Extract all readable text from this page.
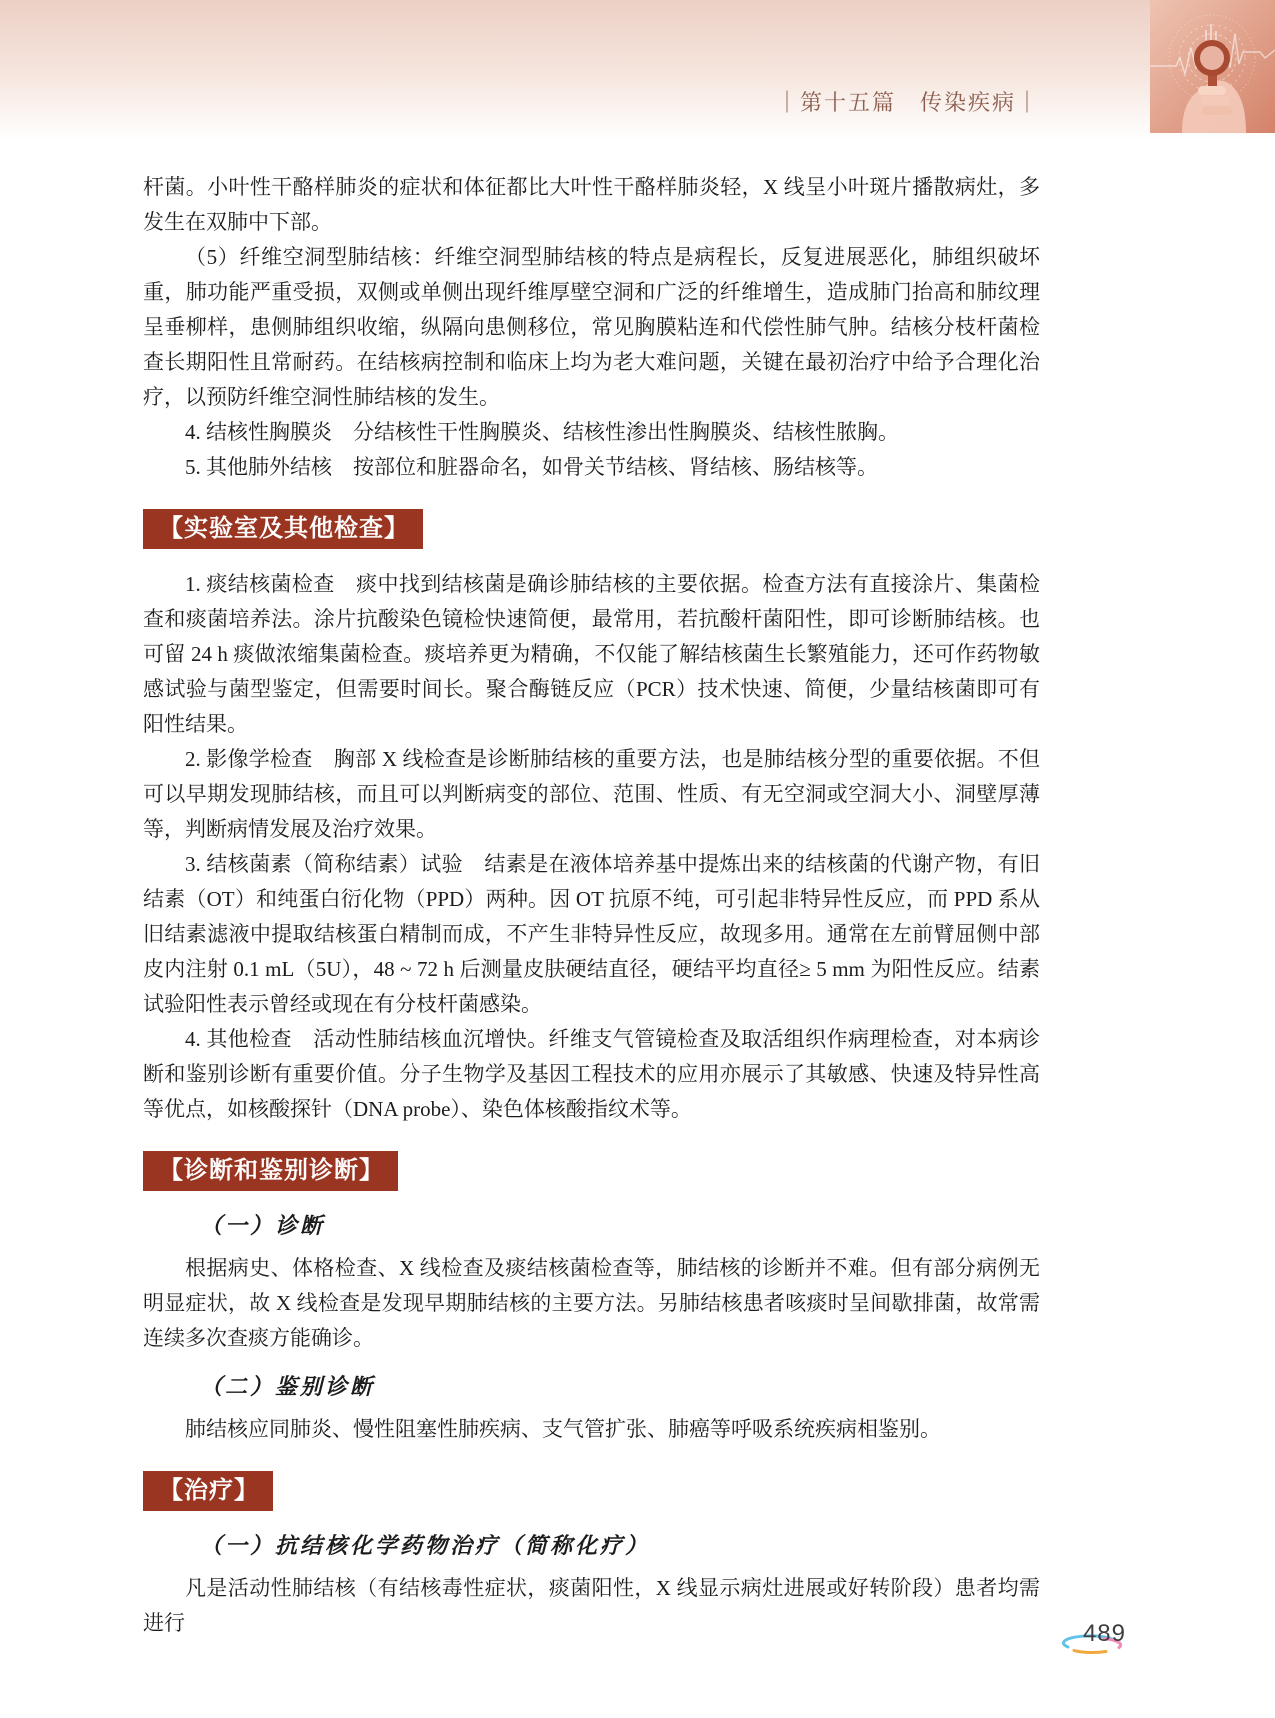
｜第十五篇　传染疾病｜

杆菌。小叶性干酪样肺炎的症状和体征都比大叶性干酪样肺炎轻，X 线呈小叶斑片播散病灶，多发生在双肺中下部。

（5）纤维空洞型肺结核：纤维空洞型肺结核的特点是病程长，反复进展恶化，肺组织破坏重，肺功能严重受损，双侧或单侧出现纤维厚壁空洞和广泛的纤维增生，造成肺门抬高和肺纹理呈垂柳样，患侧肺组织收缩，纵隔向患侧移位，常见胸膜粘连和代偿性肺气肿。结核分枝杆菌检查长期阳性且常耐药。在结核病控制和临床上均为老大难问题，关键在最初治疗中给予合理化治疗，以预防纤维空洞性肺结核的发生。

4. 结核性胸膜炎　分结核性干性胸膜炎、结核性渗出性胸膜炎、结核性脓胸。

5. 其他肺外结核　按部位和脏器命名，如骨关节结核、肾结核、肠结核等。

【实验室及其他检查】

1. 痰结核菌检查　痰中找到结核菌是确诊肺结核的主要依据。检查方法有直接涂片、集菌检查和痰菌培养法。涂片抗酸染色镜检快速简便，最常用，若抗酸杆菌阳性，即可诊断肺结核。也可留 24 h 痰做浓缩集菌检查。痰培养更为精确，不仅能了解结核菌生长繁殖能力，还可作药物敏感试验与菌型鉴定，但需要时间长。聚合酶链反应（PCR）技术快速、简便，少量结核菌即可有阳性结果。

2. 影像学检查　胸部 X 线检查是诊断肺结核的重要方法，也是肺结核分型的重要依据。不但可以早期发现肺结核，而且可以判断病变的部位、范围、性质、有无空洞或空洞大小、洞壁厚薄等，判断病情发展及治疗效果。

3. 结核菌素（简称结素）试验　结素是在液体培养基中提炼出来的结核菌的代谢产物，有旧结素（OT）和纯蛋白衍化物（PPD）两种。因 OT 抗原不纯，可引起非特异性反应，而 PPD 系从旧结素滤液中提取结核蛋白精制而成，不产生非特异性反应，故现多用。通常在左前臂屈侧中部皮内注射 0.1 mL（5U），48 ~ 72 h 后测量皮肤硬结直径，硬结平均直径≥ 5 mm 为阳性反应。结素试验阳性表示曾经或现在有分枝杆菌感染。

4. 其他检查　活动性肺结核血沉增快。纤维支气管镜检查及取活组织作病理检查，对本病诊断和鉴别诊断有重要价值。分子生物学及基因工程技术的应用亦展示了其敏感、快速及特异性高等优点，如核酸探针（DNA probe）、染色体核酸指纹术等。

【诊断和鉴别诊断】
（一）诊断

根据病史、体格检查、X 线检查及痰结核菌检查等，肺结核的诊断并不难。但有部分病例无明显症状，故 X 线检查是发现早期肺结核的主要方法。另肺结核患者咳痰时呈间歇排菌，故常需连续多次查痰方能确诊。

（二）鉴别诊断

肺结核应同肺炎、慢性阻塞性肺疾病、支气管扩张、肺癌等呼吸系统疾病相鉴别。

【治疗】
（一）抗结核化学药物治疗（简称化疗）

凡是活动性肺结核（有结核毒性症状，痰菌阳性，X 线显示病灶进展或好转阶段）患者均需进行	489
